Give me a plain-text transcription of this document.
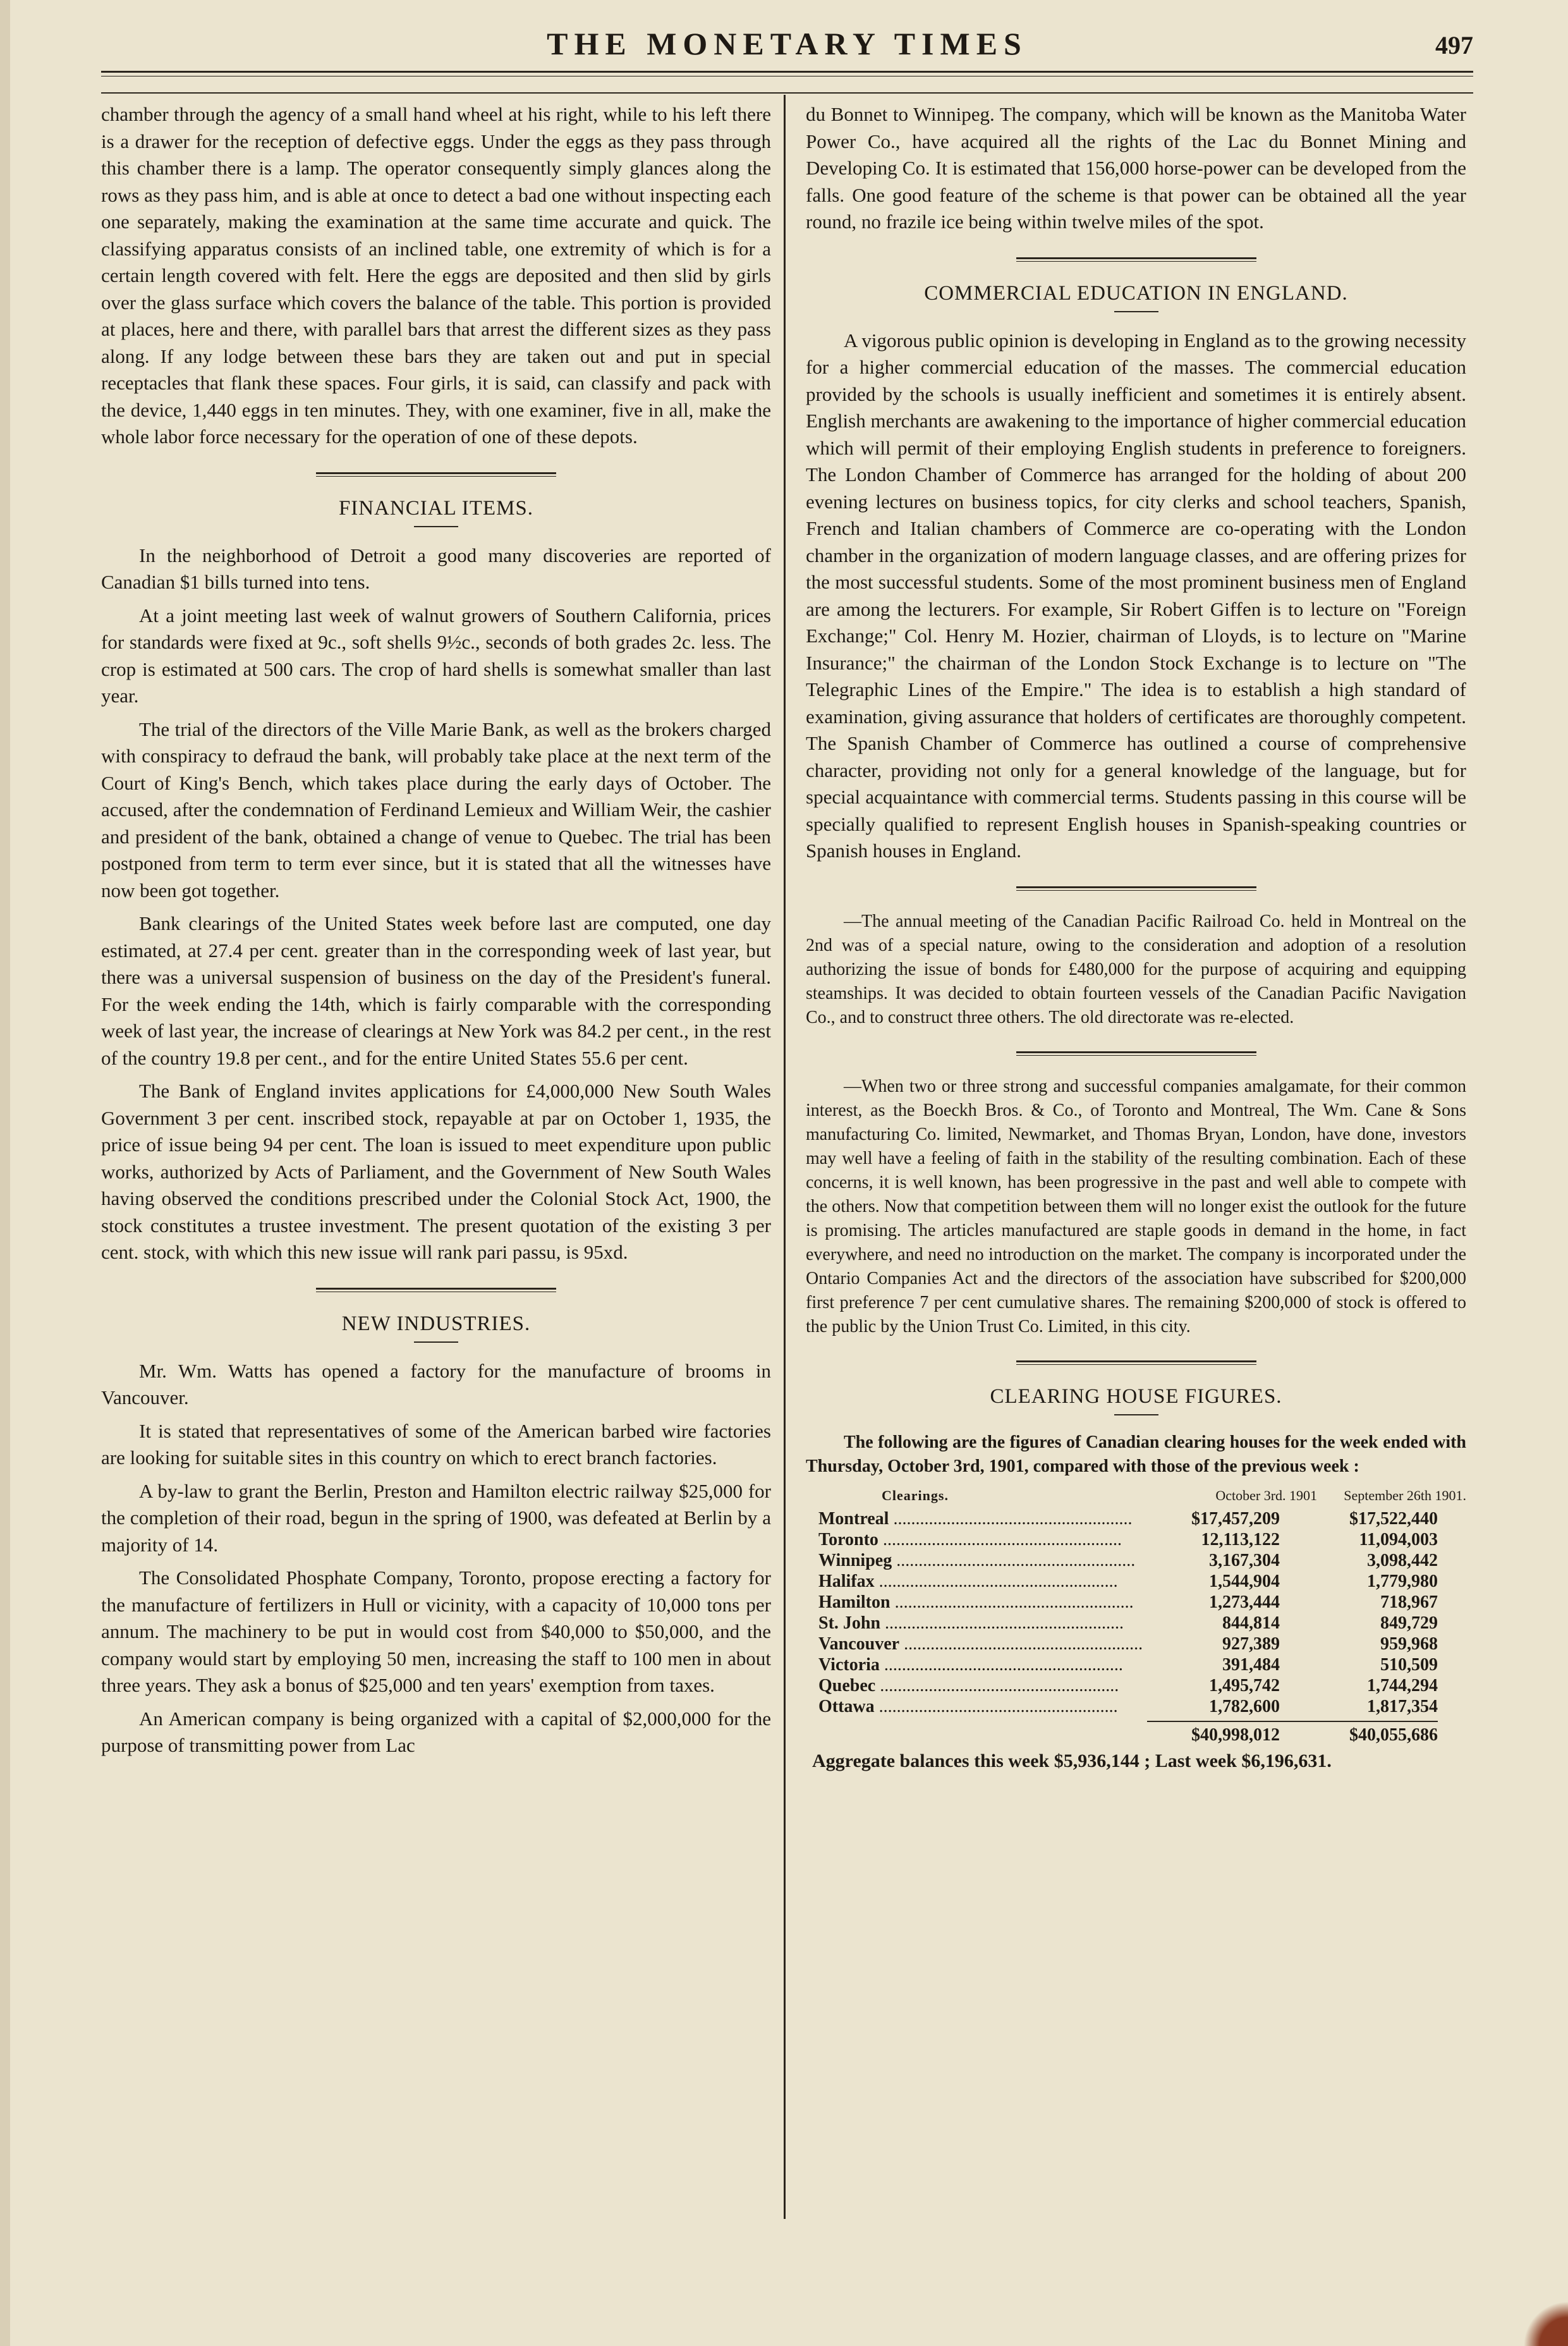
THE MONETARY TIMES	497

chamber through the agency of a small hand wheel at his right, while to his left there is a drawer for the reception of defective eggs. Under the eggs as they pass through this chamber there is a lamp. The operator consequently simply glances along the rows as they pass him, and is able at once to detect a bad one without inspecting each one separately, making the examination at the same time accurate and quick. The classifying apparatus consists of an inclined table, one extremity of which is for a certain length covered with felt. Here the eggs are deposited and then slid by girls over the glass surface which covers the balance of the table. This portion is provided at places, here and there, with parallel bars that arrest the different sizes as they pass along. If any lodge between these bars they are taken out and put in special receptacles that flank these spaces. Four girls, it is said, can classify and pack with the device, 1,440 eggs in ten minutes. They, with one examiner, five in all, make the whole labor force necessary for the operation of one of these depots.

FINANCIAL ITEMS.

In the neighborhood of Detroit a good many discoveries are reported of Canadian $1 bills turned into tens.

At a joint meeting last week of walnut growers of Southern California, prices for standards were fixed at 9c., soft shells 9½c., seconds of both grades 2c. less. The crop is estimated at 500 cars. The crop of hard shells is somewhat smaller than last year.

The trial of the directors of the Ville Marie Bank, as well as the brokers charged with conspiracy to defraud the bank, will probably take place at the next term of the Court of King's Bench, which takes place during the early days of October. The accused, after the condemnation of Ferdinand Lemieux and William Weir, the cashier and president of the bank, obtained a change of venue to Quebec. The trial has been postponed from term to term ever since, but it is stated that all the witnesses have now been got together.

Bank clearings of the United States week before last are computed, one day estimated, at 27.4 per cent. greater than in the corresponding week of last year, but there was a universal suspension of business on the day of the President's funeral. For the week ending the 14th, which is fairly comparable with the corresponding week of last year, the increase of clearings at New York was 84.2 per cent., in the rest of the country 19.8 per cent., and for the entire United States 55.6 per cent.

The Bank of England invites applications for £4,000,000 New South Wales Government 3 per cent. inscribed stock, repayable at par on October 1, 1935, the price of issue being 94 per cent. The loan is issued to meet expenditure upon public works, authorized by Acts of Parliament, and the Government of New South Wales having observed the conditions prescribed under the Colonial Stock Act, 1900, the stock constitutes a trustee investment. The present quotation of the existing 3 per cent. stock, with which this new issue will rank pari passu, is 95xd.

NEW INDUSTRIES.

Mr. Wm. Watts has opened a factory for the manufacture of brooms in Vancouver.

It is stated that representatives of some of the American barbed wire factories are looking for suitable sites in this country on which to erect branch factories.

A by-law to grant the Berlin, Preston and Hamilton electric railway $25,000 for the completion of their road, begun in the spring of 1900, was defeated at Berlin by a majority of 14.

The Consolidated Phosphate Company, Toronto, propose erecting a factory for the manufacture of fertilizers in Hull or vicinity, with a capacity of 10,000 tons per annum. The machinery to be put in would cost from $40,000 to $50,000, and the company would start by employing 50 men, increasing the staff to 100 men in about three years. They ask a bonus of $25,000 and ten years' exemption from taxes.

An American company is being organized with a capital of $2,000,000 for the purpose of transmitting power from Lac

du Bonnet to Winnipeg. The company, which will be known as the Manitoba Water Power Co., have acquired all the rights of the Lac du Bonnet Mining and Developing Co. It is estimated that 156,000 horse-power can be developed from the falls. One good feature of the scheme is that power can be obtained all the year round, no frazile ice being within twelve miles of the spot.

COMMERCIAL EDUCATION IN ENGLAND.

A vigorous public opinion is developing in England as to the growing necessity for a higher commercial education of the masses. The commercial education provided by the schools is usually inefficient and sometimes it is entirely absent. English merchants are awakening to the importance of higher commercial education which will permit of their employing English students in preference to foreigners. The London Chamber of Commerce has arranged for the holding of about 200 evening lectures on business topics, for city clerks and school teachers, Spanish, French and Italian chambers of Commerce are co-operating with the London chamber in the organization of modern language classes, and are offering prizes for the most successful students. Some of the most prominent business men of England are among the lecturers. For example, Sir Robert Giffen is to lecture on "Foreign Exchange;" Col. Henry M. Hozier, chairman of Lloyds, is to lecture on "Marine Insurance;" the chairman of the London Stock Exchange is to lecture on "The Telegraphic Lines of the Empire." The idea is to establish a high standard of examination, giving assurance that holders of certificates are thoroughly competent. The Spanish Chamber of Commerce has outlined a course of comprehensive character, providing not only for a general knowledge of the language, but for special acquaintance with commercial terms. Students passing in this course will be specially qualified to represent English houses in Spanish-speaking countries or Spanish houses in England.

—The annual meeting of the Canadian Pacific Railroad Co. held in Montreal on the 2nd was of a special nature, owing to the consideration and adoption of a resolution authorizing the issue of bonds for £480,000 for the purpose of acquiring and equipping steamships. It was decided to obtain fourteen vessels of the Canadian Pacific Navigation Co., and to construct three others. The old directorate was re-elected.

—When two or three strong and successful companies amalgamate, for their common interest, as the Boeckh Bros. & Co., of Toronto and Montreal, The Wm. Cane & Sons manufacturing Co. limited, Newmarket, and Thomas Bryan, London, have done, investors may well have a feeling of faith in the stability of the resulting combination. Each of these concerns, it is well known, has been progressive in the past and well able to compete with the others. Now that competition between them will no longer exist the outlook for the future is promising. The articles manufactured are staple goods in demand in the home, in fact everywhere, and need no introduction on the market. The company is incorporated under the Ontario Companies Act and the directors of the association have subscribed for $200,000 first preference 7 per cent cumulative shares. The remaining $200,000 of stock is offered to the public by the Union Trust Co. Limited, in this city.

CLEARING HOUSE FIGURES.

The following are the figures of Canadian clearing houses for the week ended with Thursday, October 3rd, 1901, compared with those of the previous week :

Clearings.	October 3rd. 1901	September 26th 1901.
Montreal .....	$17,457,209	$17,522,440
Toronto .....	12,113,122	11,094,003
Winnipeg .....	3,167,304	3,098,442
Halifax .....	1,544,904	1,779,980
Hamilton .....	1,273,444	718,967
St. John .....	844,814	849,729
Vancouver .....	927,389	959,968
Victoria .....	391,484	510,509
Quebec .....	1,495,742	1,744,294
Ottawa .....	1,782,600	1,817,354
$40,998,012	$40,055,686
Aggregate balances this week $5,936,144 ; Last week $6,196,631.
